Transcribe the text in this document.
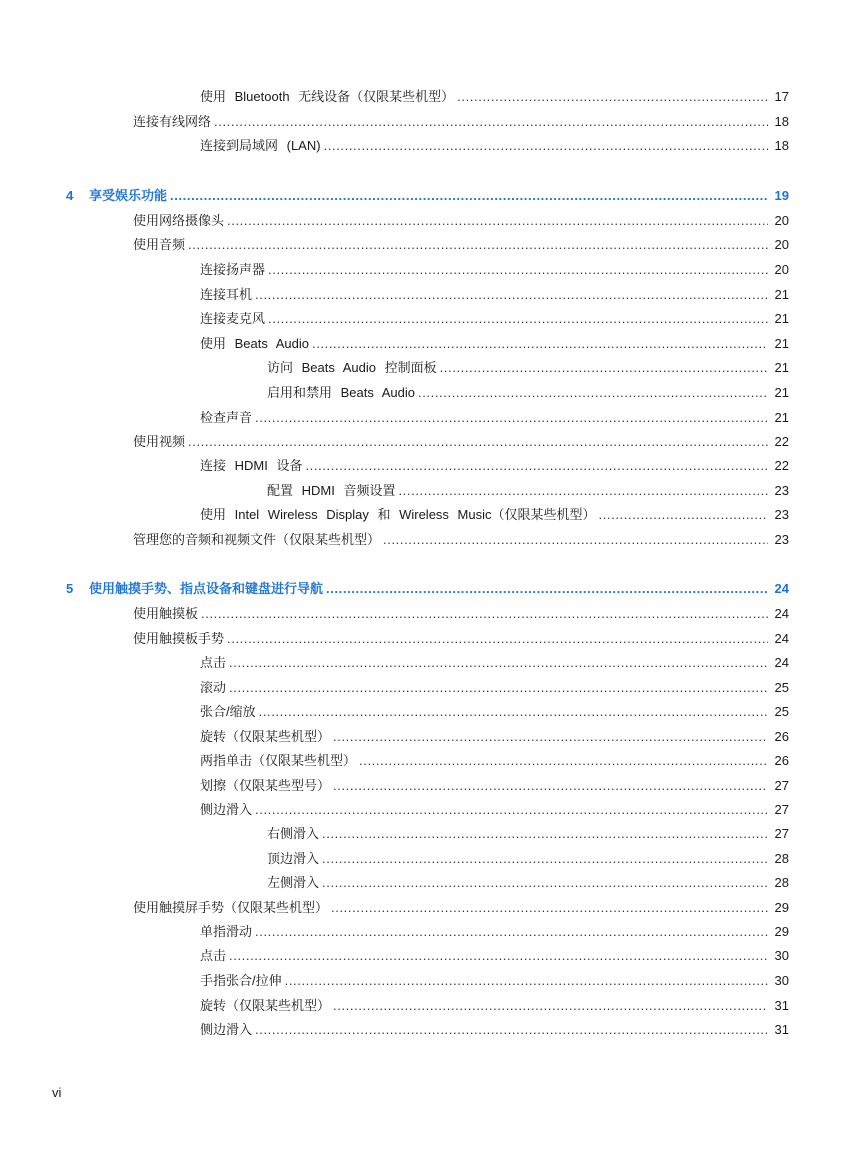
使用 Bluetooth 无线设备（仅限某些机型） .....	17
连接有线网络 .....	18
连接到局域网 (LAN) .....	18
4 享受娱乐功能 .....	19
使用网络摄像头 .....	20
使用音频 .....	20
连接扬声器 .....	20
连接耳机 .....	21
连接麦克风 .....	21
使用 Beats Audio .....	21
访问 Beats Audio 控制面板 .....	21
启用和禁用 Beats Audio .....	21
检查声音 .....	21
使用视频 .....	22
连接 HDMI 设备 .....	22
配置 HDMI 音频设置 .....	23
使用 Intel Wireless Display 和 Wireless Music（仅限某些机型） .....	23
管理您的音频和视频文件（仅限某些机型） .....	23
5 使用触摸手势、指点设备和键盘进行导航 .....	24
使用触摸板 .....	24
使用触摸板手势 .....	24
点击 .....	24
滚动 .....	25
张合/缩放 .....	25
旋转（仅限某些机型） .....	26
两指单击（仅限某些机型） .....	26
划擦（仅限某些型号） .....	27
侧边滑入 .....	27
右侧滑入 .....	27
顶边滑入 .....	28
左侧滑入 .....	28
使用触摸屏手势（仅限某些机型） .....	29
单指滑动 .....	29
点击 .....	30
手指张合/拉伸 .....	30
旋转（仅限某些机型） .....	31
侧边滑入 .....	31
vi
